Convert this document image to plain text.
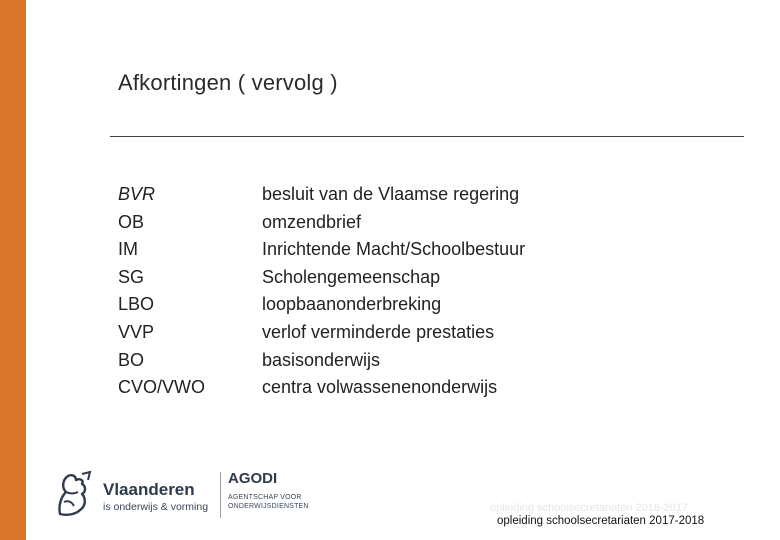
Afkortingen ( vervolg )
BVR
OB
IM
SG
LBO
VVP
BO
CVO/VWO
besluit van de Vlaamse regering
omzendbrief
Inrichtende Macht/Schoolbestuur
Scholengemeenschap
loopbaanonderbreking
verlof verminderde prestaties
basisonderwijs
centra volwassenenonderwijs
Vlaanderen
is onderwijs & vorming
AGODI
AGENTSCHAP VOOR ONDERWIJSDIENSTEN	opleiding schoolsecretariaten 2016-2017
opleiding schoolsecretariaten 2017-2018
